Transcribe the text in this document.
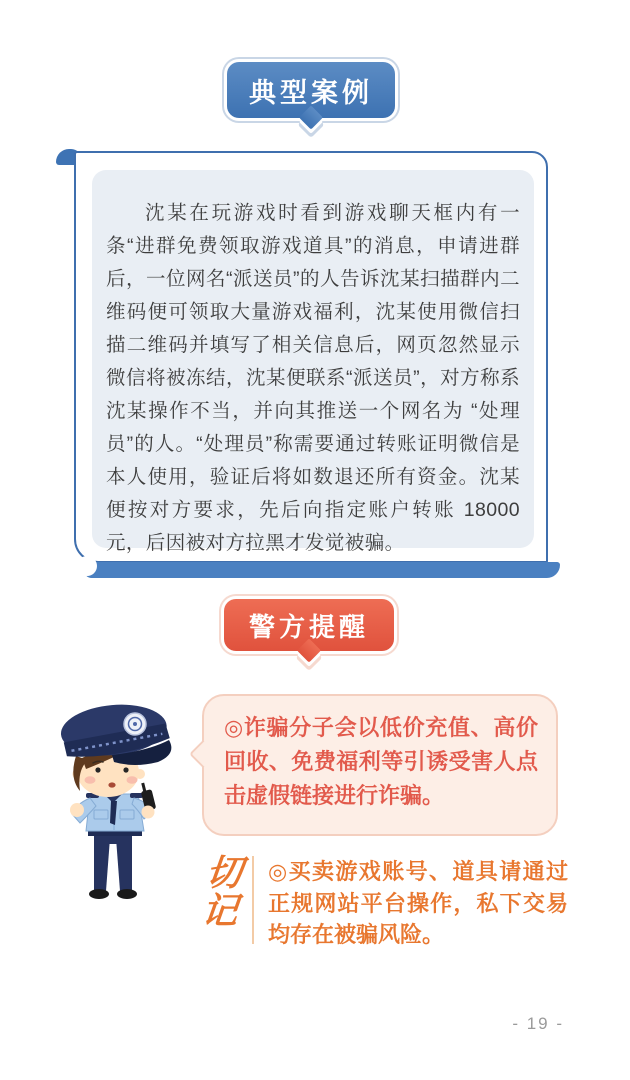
典型案例

沈某在玩游戏时看到游戏聊天框内有一条“进群免费领取游戏道具”的消息，申请进群后，一位网名“派送员”的人告诉沈某扫描群内二维码便可领取大量游戏福利，沈某使用微信扫描二维码并填写了相关信息后，网页忽然显示微信将被冻结，沈某便联系“派送员”，对方称系沈某操作不当，并向其推送一个网名为 “处理员”的人。“处理员”称需要通过转账证明微信是本人使用，验证后将如数退还所有资金。沈某便按对方要求，先后向指定账户转账 18000 元，后因被对方拉黑才发觉被骗。

警方提醒

◎诈骗分子会以低价充值、高价回收、免费福利等引诱受害人点击虚假链接进行诈骗。

切
记

◎买卖游戏账号、道具请通过正规网站平台操作，私下交易均存在被骗风险。

- 19 -
